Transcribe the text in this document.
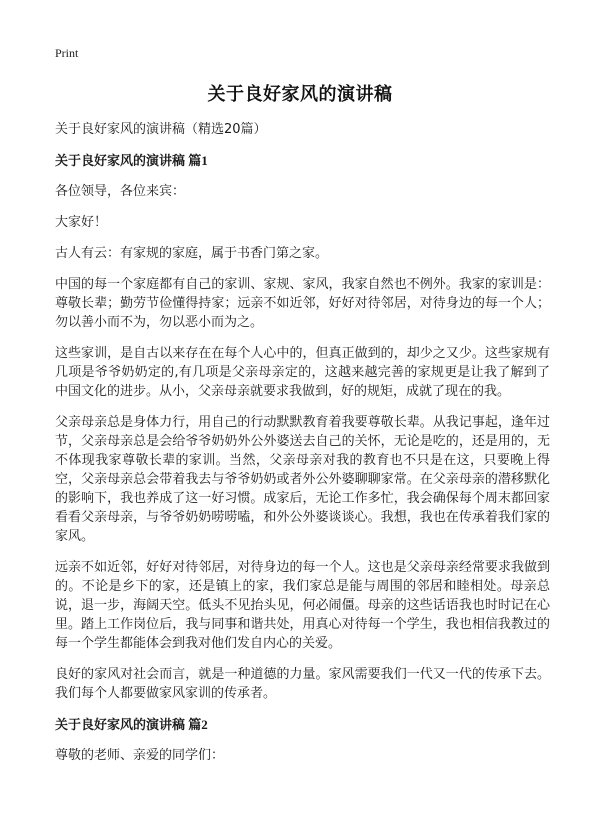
Print
关于良好家风的演讲稿

关于良好家风的演讲稿（精选20篇）

关于良好家风的演讲稿 篇1

各位领导，各位来宾：

大家好！

古人有云：有家规的家庭，属于书香门第之家。

中国的每一个家庭都有自己的家训、家规、家风，我家自然也不例外。我家的家训是：尊敬长辈；勤劳节俭懂得持家；远亲不如近邻，好好对待邻居，对待身边的每一个人；勿以善小而不为，勿以恶小而为之。

这些家训，是自古以来存在在每个人心中的，但真正做到的，却少之又少。这些家规有几项是爷爷奶奶定的,有几项是父亲母亲定的，这越来越完善的家规更是让我了解到了中国文化的进步。从小，父亲母亲就要求我做到，好的规矩，成就了现在的我。

父亲母亲总是身体力行，用自己的行动默默教育着我要尊敬长辈。从我记事起，逢年过节，父亲母亲总是会给爷爷奶奶外公外婆送去自己的关怀，无论是吃的，还是用的，无不体现我家尊敬长辈的家训。当然，父亲母亲对我的教育也不只是在这，只要晚上得空，父亲母亲总会带着我去与爷爷奶奶或者外公外婆聊聊家常。在父亲母亲的潜移默化的影响下，我也养成了这一好习惯。成家后，无论工作多忙，我会确保每个周末都回家看看父亲母亲，与爷爷奶奶唠唠嗑，和外公外婆谈谈心。我想，我也在传承着我们家的家风。

远亲不如近邻，好好对待邻居，对待身边的每一个人。这也是父亲母亲经常要求我做到的。不论是乡下的家，还是镇上的家，我们家总是能与周围的邻居和睦相处。母亲总说，退一步，海阔天空。低头不见抬头见，何必闹僵。母亲的这些话语我也时时记在心里。踏上工作岗位后，我与同事和谐共处，用真心对待每一个学生，我也相信我教过的每一个学生都能体会到我对他们发自内心的关爱。

良好的家风对社会而言，就是一种道德的力量。家风需要我们一代又一代的传承下去。我们每个人都要做家风家训的传承者。

关于良好家风的演讲稿 篇2

尊敬的老师、亲爱的同学们：
